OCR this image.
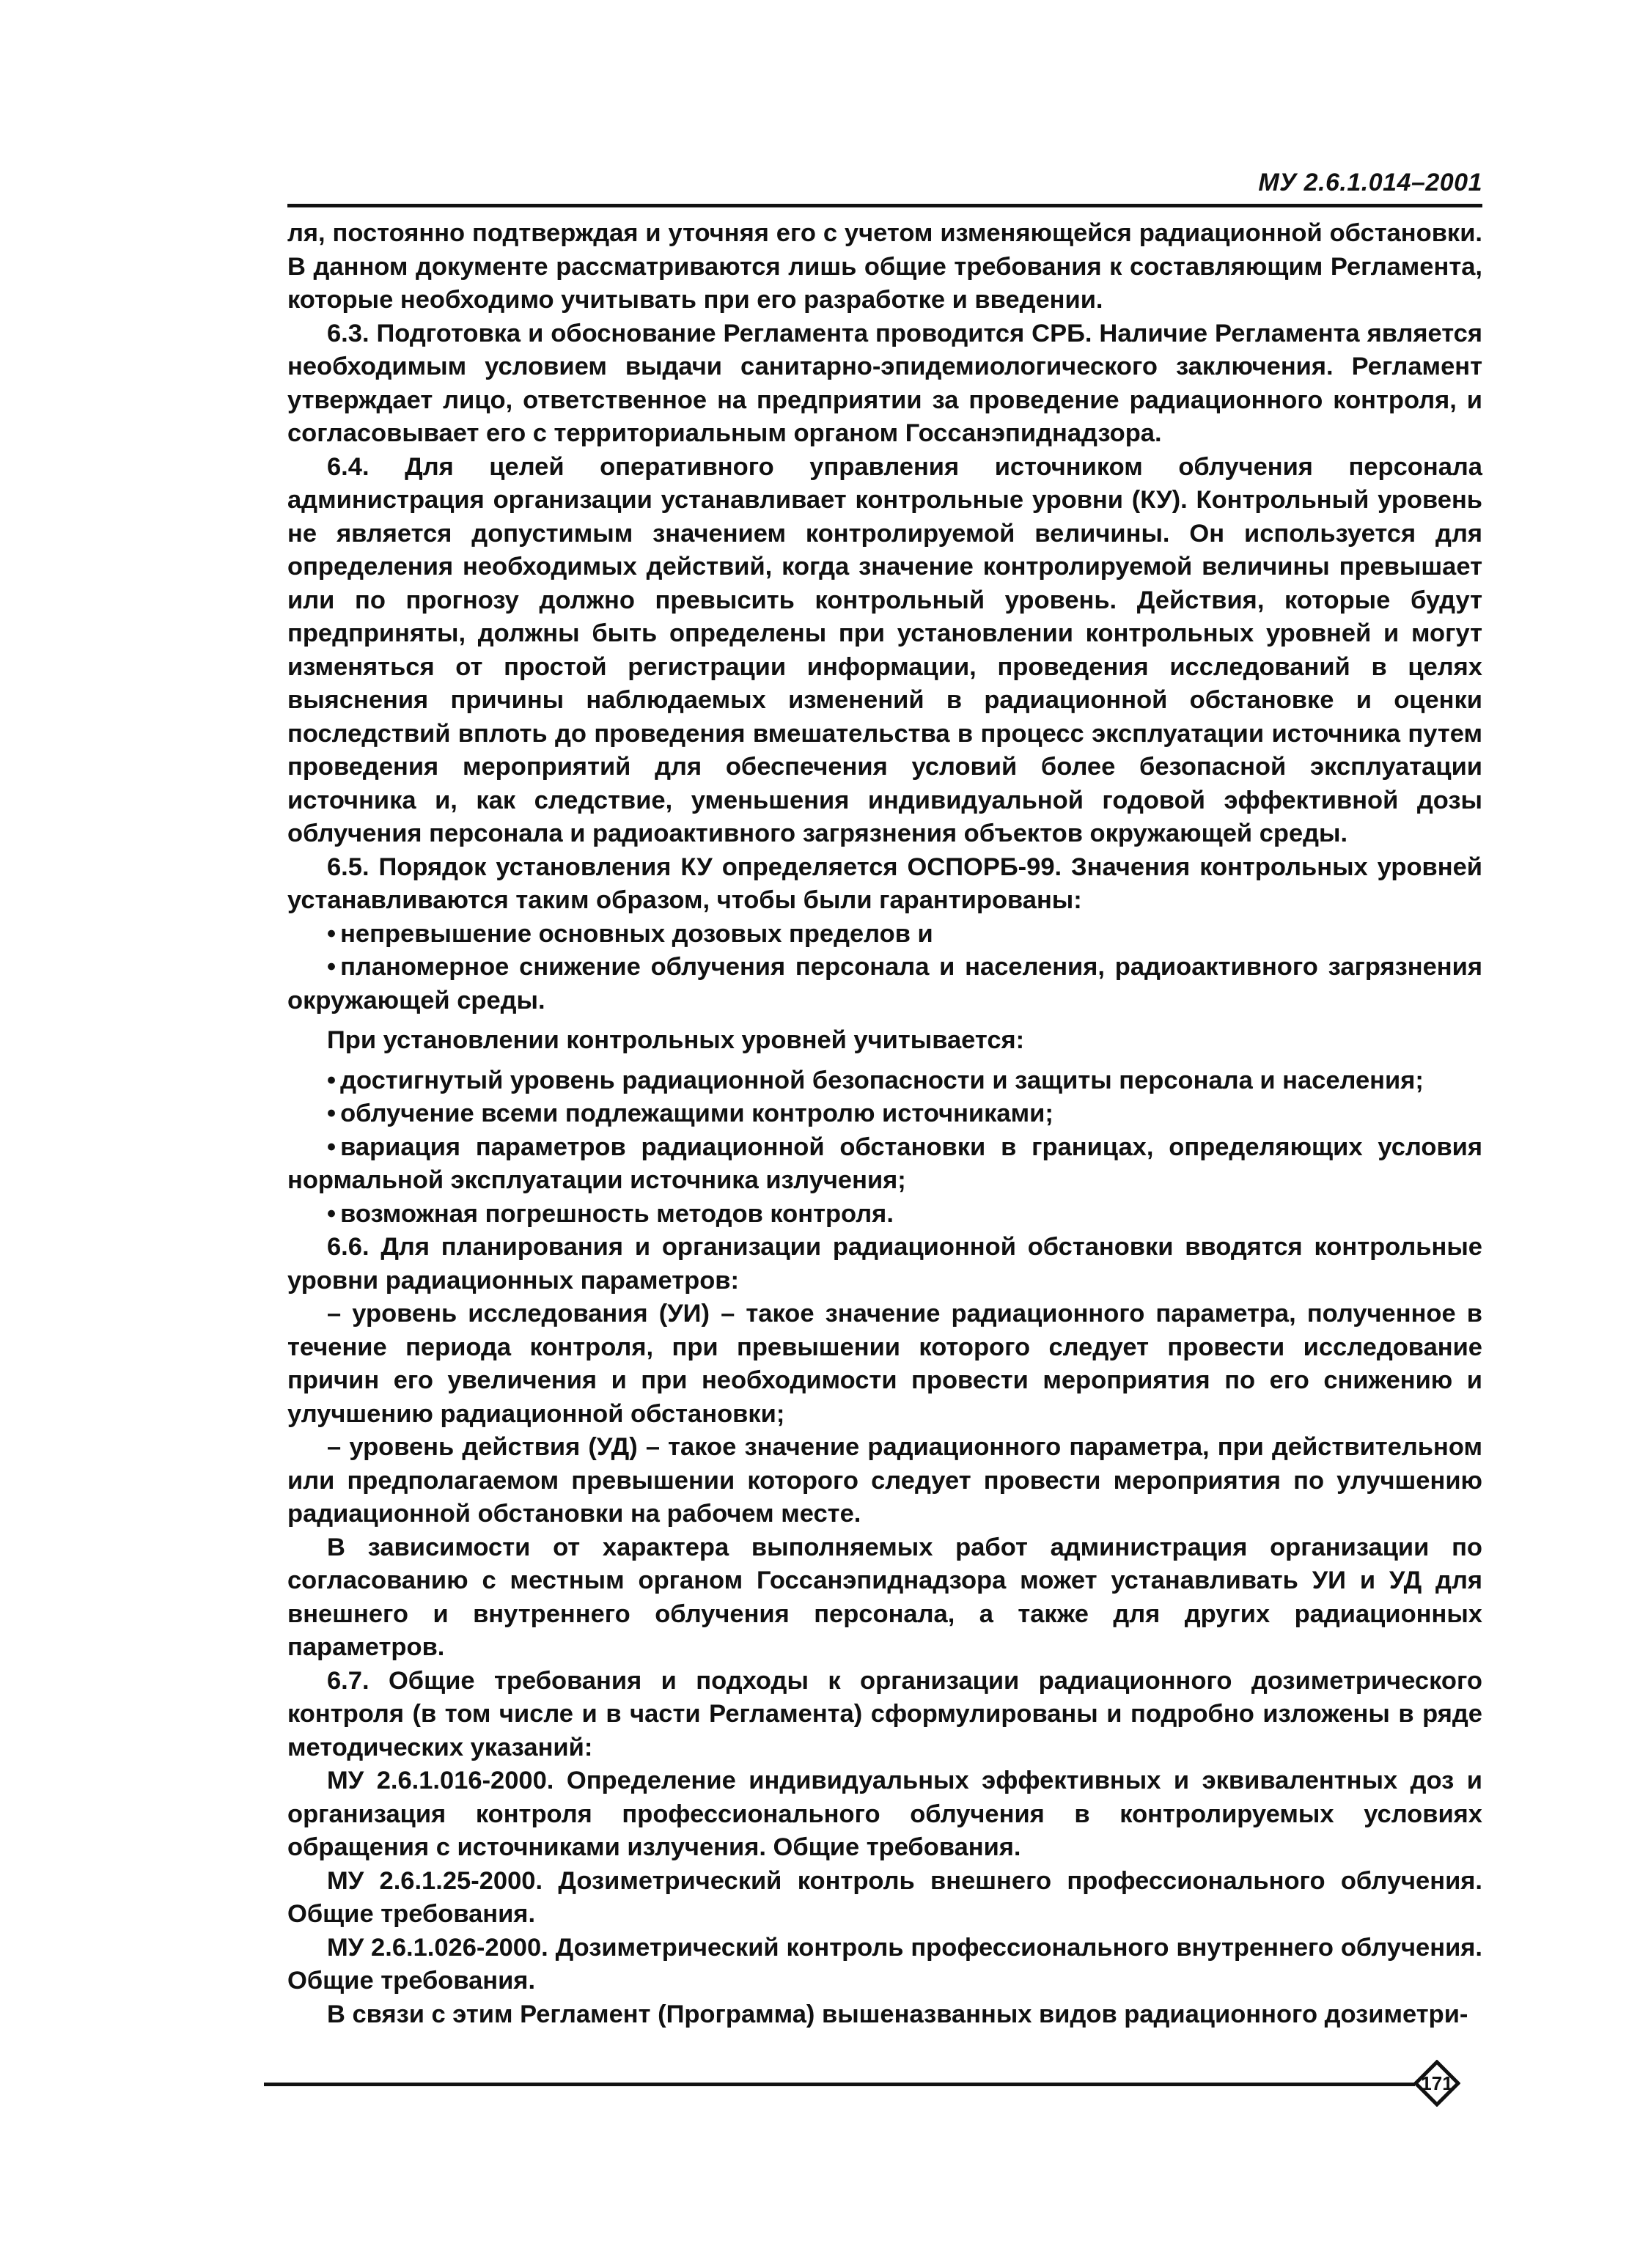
МУ 2.6.1.014–2001

ля, постоянно подтверждая и уточняя его с учетом изменяющейся радиационной обстановки. В данном документе рассматриваются лишь общие требования к составляющим Регламента, которые необходимо учитывать при его разработке и введении.

6.3. Подготовка и обоснование Регламента проводится СРБ. Наличие Регламента является необходимым условием выдачи санитарно-эпидемиологического заключения. Регламент утверждает лицо, ответственное на предприятии за проведение радиационного контроля, и согласовывает его с территориальным органом Госсанэпиднадзора.

6.4. Для целей оперативного управления источником облучения персонала администрация организации устанавливает контрольные уровни (КУ). Контрольный уровень не является допустимым значением контролируемой величины. Он используется для определения необходимых действий, когда значение контролируемой величины превышает или по прогнозу должно превысить контрольный уровень. Действия, которые будут предприняты, должны быть определены при установлении контрольных уровней и могут изменяться от простой регистрации информации, проведения исследований в целях выяснения причины наблюдаемых изменений в радиационной обстановке и оценки последствий вплоть до проведения вмешательства в процесс эксплуатации источника путем проведения мероприятий для обеспечения условий более безопасной эксплуатации источника и, как следствие, уменьшения индивидуальной годовой эффективной дозы облучения персонала и радиоактивного загрязнения объектов окружающей среды.

6.5. Порядок установления КУ определяется ОСПОРБ-99. Значения контрольных уровней устанавливаются таким образом, чтобы были гарантированы:

• непревышение основных дозовых пределов и

• планомерное снижение облучения персонала и населения, радиоактивного загрязнения окружающей среды.

При установлении контрольных уровней учитывается:

• достигнутый уровень радиационной безопасности и защиты персонала и населения;

• облучение всеми подлежащими контролю источниками;

• вариация параметров радиационной обстановки в границах, определяющих условия нормальной эксплуатации источника излучения;

• возможная погрешность методов контроля.

6.6. Для планирования и организации радиационной обстановки вводятся контрольные уровни радиационных параметров:

– уровень исследования (УИ) – такое значение радиационного параметра, полученное в течение периода контроля, при превышении которого следует провести исследование причин его увеличения и при необходимости провести мероприятия по его снижению и улучшению радиационной обстановки;

– уровень действия (УД) – такое значение радиационного параметра, при действительном или предполагаемом превышении которого следует провести мероприятия по улучшению радиационной обстановки на рабочем месте.

В зависимости от характера выполняемых работ администрация организации по согласованию с местным органом Госсанэпиднадзора может устанавливать УИ и УД для внешнего и внутреннего облучения персонала, а также для других радиационных параметров.

6.7. Общие требования и подходы к организации радиационного дозиметрического контроля (в том числе и в части Регламента) сформулированы и подробно изложены в ряде методических указаний:

МУ 2.6.1.016-2000. Определение индивидуальных эффективных и эквивалентных доз и организация контроля профессионального облучения в контролируемых условиях обращения с источниками излучения. Общие требования.

МУ 2.6.1.25-2000. Дозиметрический контроль внешнего профессионального облучения. Общие требования.

МУ 2.6.1.026-2000. Дозиметрический контроль профессионального внутреннего облучения. Общие требования.

В связи с этим Регламент (Программа) вышеназванных видов радиационного дозиметри-

171
